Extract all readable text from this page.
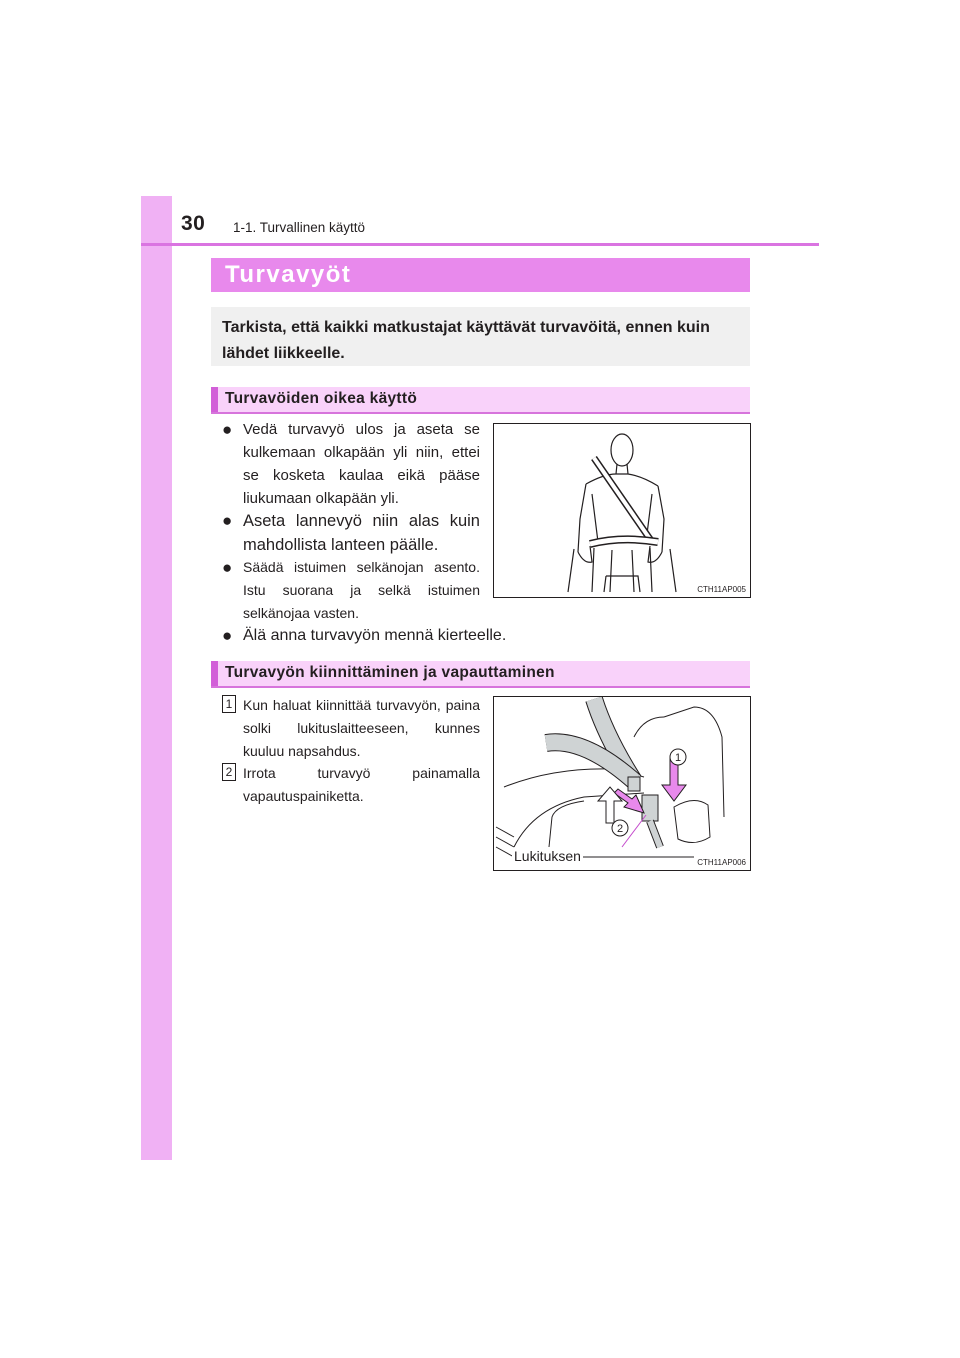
30 1-1. Turvallinen käyttö
Turvavyöt
Tarkista, että kaikki matkustajat käyttävät turvavöitä, ennen kuin lähdet liikkeelle.
Turvavöiden oikea käyttö
● Vedä turvavyö ulos ja aseta se kulkemaan olkapään yli niin, ettei se kosketa kaulaa eikä pääse liukumaan olkapään yli.
● Aseta lannevyö niin alas kuin mahdollista lanteen päälle.
● Säädä istuimen selkänojan asento. Istu suorana ja selkä istuimen selkänojaa vasten.
● Älä anna turvavyön mennä kierteelle.
CTH11AP005
Turvavyön kiinnittäminen ja vapauttaminen
1 Kun haluat kiinnittää turvavyön, paina solki lukituslaitteeseen, kunnes kuuluu napsahdus.
2 Irrota turvavyö painamalla vapautuspainiketta.
1
2
Lukituksen	CTH11AP006
